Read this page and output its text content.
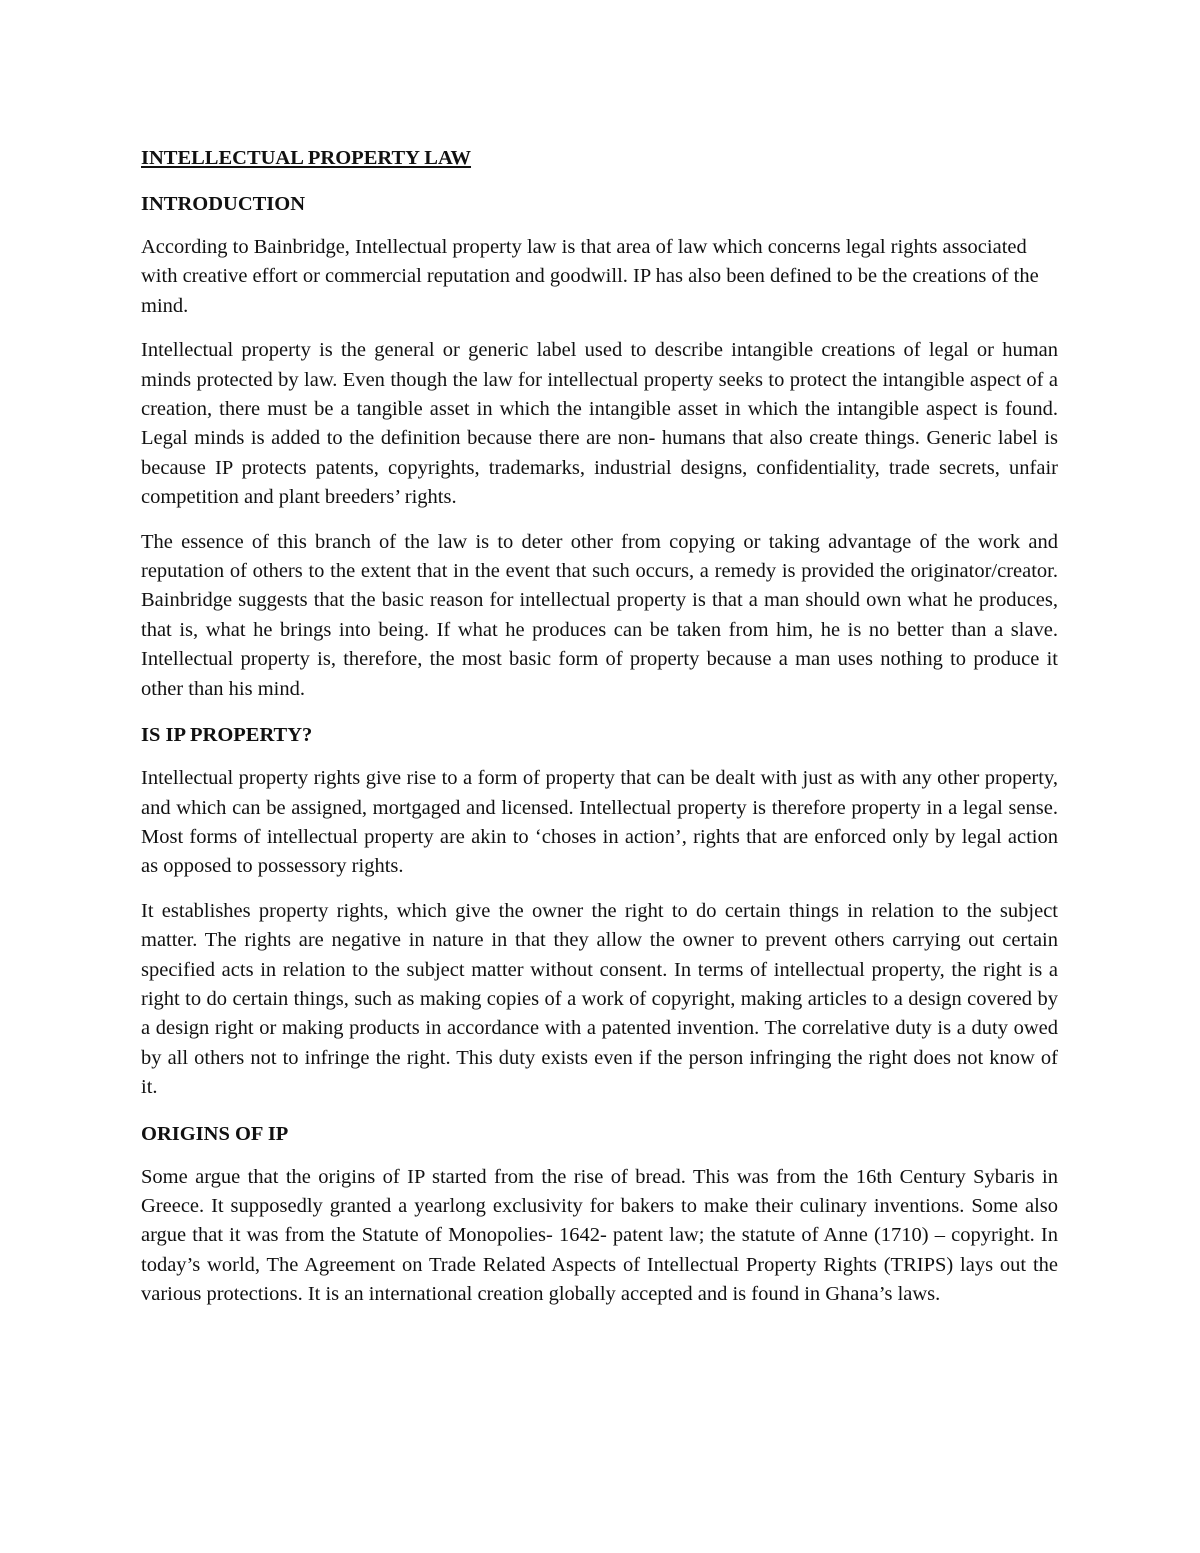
INTELLECTUAL PROPERTY LAW
INTRODUCTION

According to Bainbridge, Intellectual property law is that area of law which concerns legal rights associated with creative effort or commercial reputation and goodwill. IP has also been defined to be the creations of the mind.

Intellectual property is the general or generic label used to describe intangible creations of legal or human minds protected by law. Even though the law for intellectual property seeks to protect the intangible aspect of a creation, there must be a tangible asset in which the intangible asset in which the intangible aspect is found. Legal minds is added to the definition because there are non- humans that also create things. Generic label is because IP protects patents, copyrights, trademarks, industrial designs, confidentiality, trade secrets, unfair competition and plant breeders’ rights.

The essence of this branch of the law is to deter other from copying or taking advantage of the work and reputation of others to the extent that in the event that such occurs, a remedy is provided the originator/creator. Bainbridge suggests that the basic reason for intellectual property is that a man should own what he produces, that is, what he brings into being. If what he produces can be taken from him, he is no better than a slave. Intellectual property is, therefore, the most basic form of property because a man uses nothing to produce it other than his mind.

IS IP PROPERTY?

Intellectual property rights give rise to a form of property that can be dealt with just as with any other property, and which can be assigned, mortgaged and licensed. Intellectual property is therefore property in a legal sense. Most forms of intellectual property are akin to ‘choses in action’, rights that are enforced only by legal action as opposed to possessory rights.

It establishes property rights, which give the owner the right to do certain things in relation to the subject matter. The rights are negative in nature in that they allow the owner to prevent others carrying out certain specified acts in relation to the subject matter without consent. In terms of intellectual property, the right is a right to do certain things, such as making copies of a work of copyright, making articles to a design covered by a design right or making products in accordance with a patented invention. The correlative duty is a duty owed by all others not to infringe the right. This duty exists even if the person infringing the right does not know of it.

ORIGINS OF IP

Some argue that the origins of IP started from the rise of bread. This was from the 16th Century Sybaris in Greece. It supposedly granted a yearlong exclusivity for bakers to make their culinary inventions. Some also argue that it was from the Statute of Monopolies- 1642- patent law; the statute of Anne (1710) – copyright. In today’s world, The Agreement on Trade Related Aspects of Intellectual Property Rights (TRIPS) lays out the various protections. It is an international creation globally accepted and is found in Ghana’s laws.
